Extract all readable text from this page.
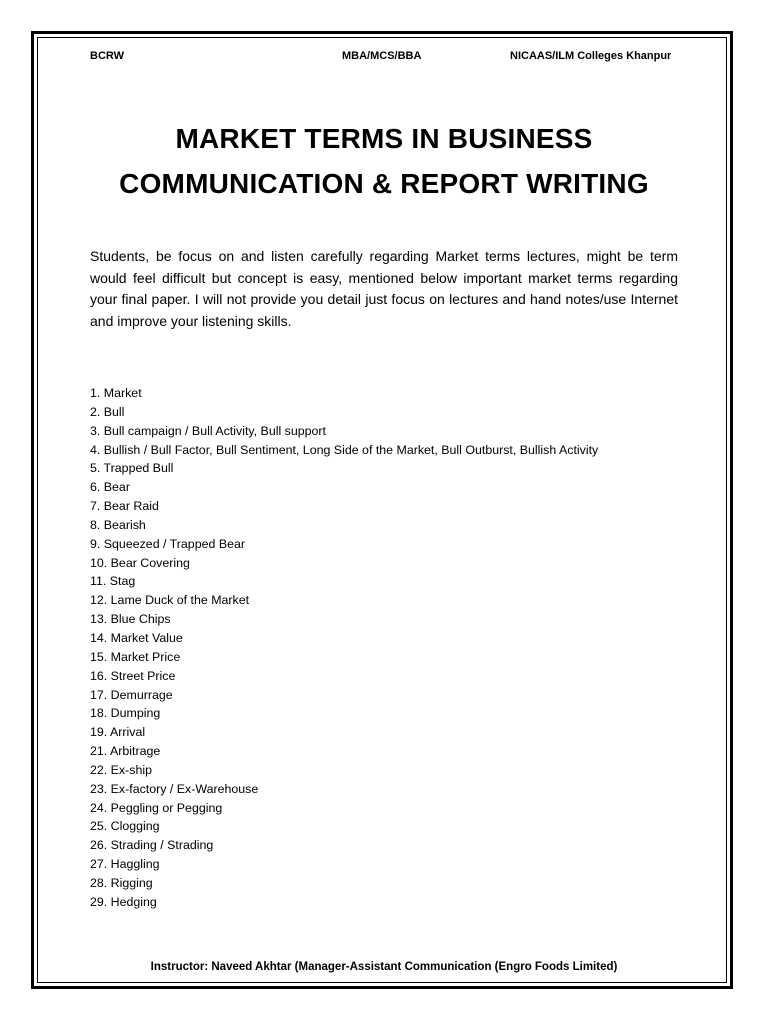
BCRW	MBA/MCS/BBA	NICAAS/ILM Colleges Khanpur
MARKET TERMS IN BUSINESS
COMMUNICATION & REPORT WRITING

Students, be focus on and listen carefully regarding Market terms lectures, might be term would feel difficult but concept is easy, mentioned below important market terms regarding your final paper. I will not provide you detail just focus on lectures and hand notes/use Internet and improve your listening skills.

1. Market
2. Bull
3. Bull campaign / Bull Activity, Bull support
4. Bullish / Bull Factor, Bull Sentiment, Long Side of the Market, Bull Outburst, Bullish Activity
5. Trapped Bull
6. Bear
7. Bear Raid
8. Bearish
9. Squeezed / Trapped Bear
10. Bear Covering
11. Stag
12. Lame Duck of the Market
13. Blue Chips
14. Market Value
15. Market Price
16. Street Price
17. Demurrage
18. Dumping
19. Arrival
21. Arbitrage
22. Ex-ship
23. Ex-factory / Ex-Warehouse
24. Peggling or Pegging
25. Clogging
26. Strading / Strading
27. Haggling
28. Rigging
29. Hedging
Instructor: Naveed Akhtar (Manager-Assistant Communication (Engro Foods Limited)
